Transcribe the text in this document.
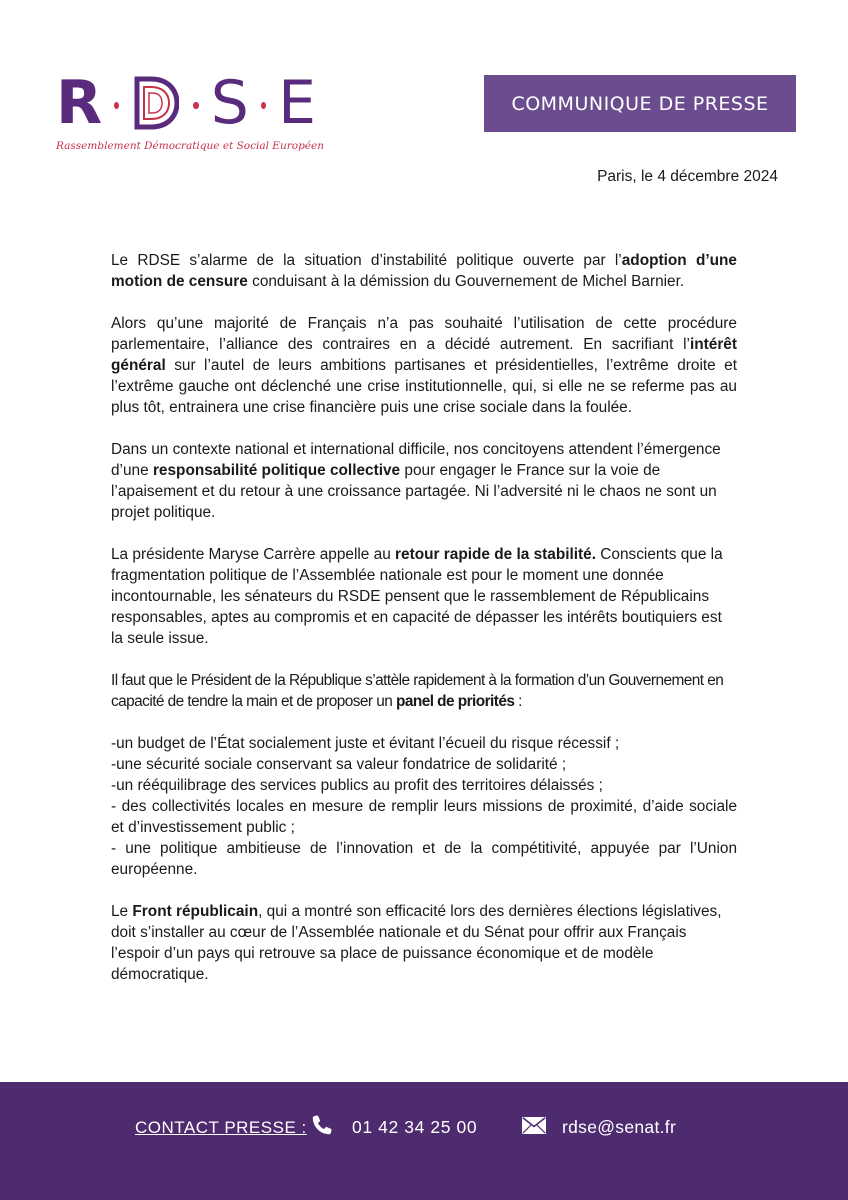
R	D S E
Rassemblement Démocratique et Social Européen
COMMUNIQUE DE PRESSE
Paris, le 4 décembre 2024

Le RDSE s’alarme de la situation d’instabilité politique ouverte par l’adoption d’une motion de censure conduisant à la démission du Gouvernement de Michel Barnier.

Alors qu’une majorité de Français n’a pas souhaité l’utilisation de cette procédure parlementaire, l’alliance des contraires en a décidé autrement. En sacrifiant l’intérêt général sur l’autel de leurs ambitions partisanes et présidentielles, l’extrême droite et l’extrême gauche ont déclenché une crise institutionnelle, qui, si elle ne se referme pas au plus tôt, entrainera une crise financière puis une crise sociale dans la foulée.

Dans un contexte national et international difficile, nos concitoyens attendent l’émergence d’une responsabilité politique collective pour engager le France sur la voie de l’apaisement et du retour à une croissance partagée. Ni l’adversité ni le chaos ne sont un projet politique.

La présidente Maryse Carrère appelle au retour rapide de la stabilité. Conscients que la fragmentation politique de l’Assemblée nationale est pour le moment une donnée incontournable, les sénateurs du RSDE pensent que le rassemblement de Républicains responsables, aptes au compromis et en capacité de dépasser les intérêts boutiquiers est la seule issue.

Il faut que le Président de la République s’attèle rapidement à la formation d’un Gouvernement en capacité de tendre la main et de proposer un panel de priorités :

-un budget de l’État socialement juste et évitant l’écueil du risque récessif ;
-une sécurité sociale conservant sa valeur fondatrice de solidarité ;
-un rééquilibrage des services publics au profit des territoires délaissés ;
- des collectivités locales en mesure de remplir leurs missions de proximité, d’aide sociale et d’investissement public ;
- une politique ambitieuse de l’innovation et de la compétitivité, appuyée par l’Union européenne.

Le Front républicain, qui a montré son efficacité lors des dernières élections législatives, doit s’installer au cœur de l’Assemblée nationale et du Sénat pour offrir aux Français l’espoir d’un pays qui retrouve sa place de puissance économique et de modèle démocratique.

CONTACT PRESSE :	01 42 34 25 00	rdse@senat.fr
